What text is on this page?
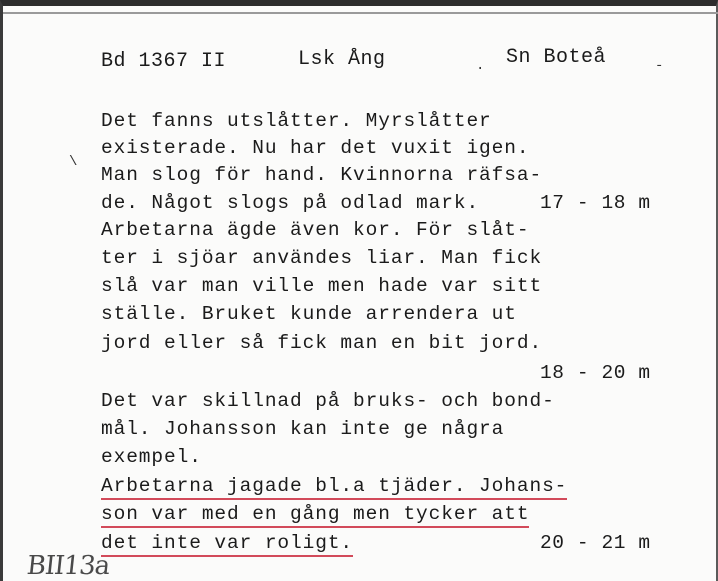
Bd 1367 II	Lsk Ång	. Sn Boteå	-
\
Det fanns utslåtter. Myrslåtter
existerade. Nu har det vuxit igen.
Man slog för hand. Kvinnorna räfsa-
de. Något slogs på odlad mark.	17 - 18 m
Arbetarna ägde även kor. För slåt-
ter i sjöar användes liar. Man fick
slå var man ville men hade var sitt
ställe. Bruket kunde arrendera ut
jord eller så fick man en bit jord.
18 - 20 m
Det var skillnad på bruks- och bond-
mål. Johansson kan inte ge några
exempel.
Arbetarna jagade bl.a tjäder. Johans-
son var med en gång men tycker att
det inte var roligt.	20 - 21 m
BII13a
